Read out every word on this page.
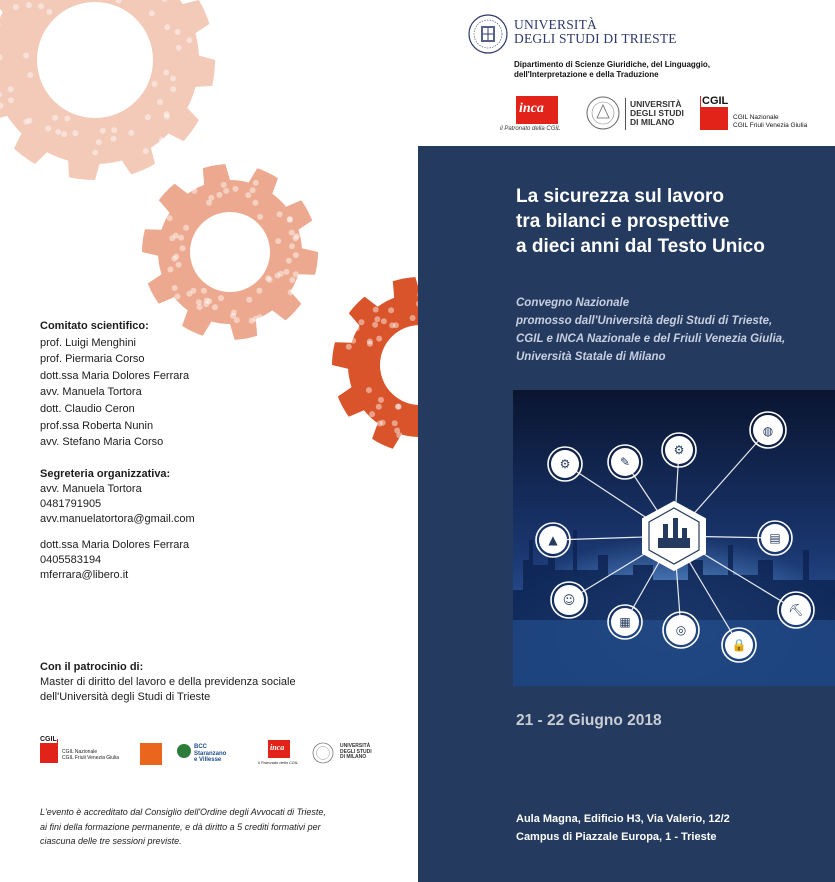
UNIVERSITÀ
DEGLI STUDI DI TRIESTE
Dipartimento di Scienze Giuridiche, del Linguaggio,
dell'Interpretazione e della Traduzione
inca
il Patronato della CGIL
UNIVERSITÀ
DEGLI STUDI
DI MILANO
CGIL
CGIL Nazionale
CGIL Friuli Venezia Giulia
La sicurezza sul lavoro
tra bilanci e prospettive
a dieci anni dal Testo Unico
Convegno Nazionale
promosso dall'Università degli Studi di Trieste,
CGIL e INCA Nazionale e del Friuli Venezia Giulia,
Università Statale di Milano
⚙	✎
⚙
◍
▲	▤
☺
▦
◎
🔒
⛏
21 - 22 Giugno 2018
Aula Magna, Edificio H3, Via Valerio, 12/2
Campus di Piazzale Europa, 1 - Trieste
Comitato scientifico:
prof. Luigi Menghini
prof. Piermaria Corso
dott.ssa Maria Dolores Ferrara
avv. Manuela Tortora
dott. Claudio Ceron
prof.ssa Roberta Nunin
avv. Stefano Maria Corso
Segreteria organizzativa:
avv. Manuela Tortora
0481791905
avv.manuelatortora@gmail.com
dott.ssa Maria Dolores Ferrara
0405583194
mferrara@libero.it
Con il patrocinio di:
Master di diritto del lavoro e della previdenza sociale
dell'Università degli Studi di Trieste
CGIL
CGIL Nazionale
CGIL Friuli Venezia Giulia
BCC Staranzano
e Villesse
inca
il Patronato della CGIL
UNIVERSITÀ
DEGLI STUDI
DI MILANO
L'evento è accreditato dal Consiglio dell'Ordine degli Avvocati di Trieste,
ai fini della formazione permanente, e dà diritto a 5 crediti formativi per
ciascuna delle tre sessioni previste.
